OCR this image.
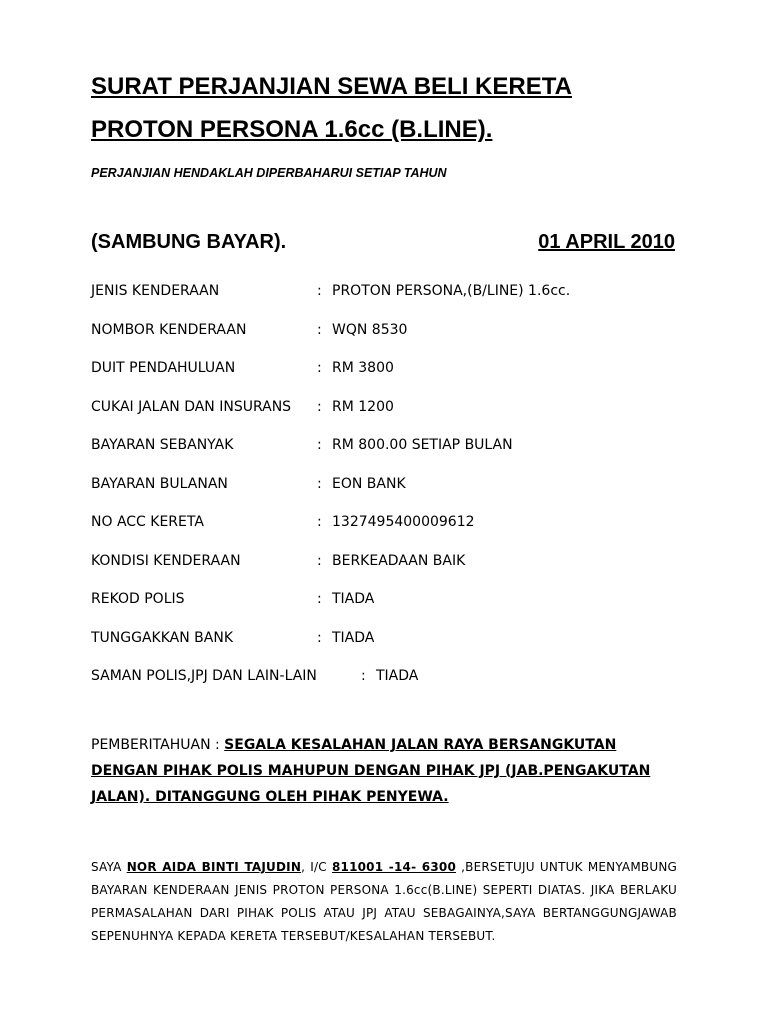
SURAT PERJANJIAN SEWA BELI KERETA
PROTON PERSONA 1.6cc (B.LINE).
PERJANJIAN HENDAKLAH DIPERBAHARUI SETIAP TAHUN
(SAMBUNG BAYAR).	01 APRIL 2010
JENIS KENDERAAN	: PROTON PERSONA,(B/LINE) 1.6cc.
NOMBOR KENDERAAN	: WQN 8530
DUIT PENDAHULUAN	: RM 3800
CUKAI JALAN DAN INSURANS	: RM 1200
BAYARAN SEBANYAK	: RM 800.00 SETIAP BULAN
BAYARAN BULANAN	: EON BANK
NO ACC KERETA	: 1327495400009612
KONDISI KENDERAAN	: BERKEADAAN BAIK
REKOD POLIS	: TIADA
TUNGGAKKAN BANK	: TIADA
SAMAN POLIS,JPJ DAN LAIN-LAIN	: TIADA
PEMBERITAHUAN : SEGALA KESALAHAN JALAN RAYA BERSANGKUTAN DENGAN PIHAK POLIS MAHUPUN DENGAN PIHAK JPJ (JAB.PENGAKUTAN JALAN). DITANGGUNG OLEH PIHAK PENYEWA.
SAYA NOR AIDA BINTI TAJUDIN, I/C 811001 -14- 6300 ,BERSETUJU UNTUK MENYAMBUNG BAYARAN KENDERAAN JENIS PROTON PERSONA 1.6cc(B.LINE) SEPERTI DIATAS. JIKA BERLAKU PERMASALAHAN DARI PIHAK POLIS ATAU JPJ ATAU SEBAGAINYA,SAYA BERTANGGUNGJAWAB SEPENUHNYA KEPADA KERETA TERSEBUT/KESALAHAN TERSEBUT.
